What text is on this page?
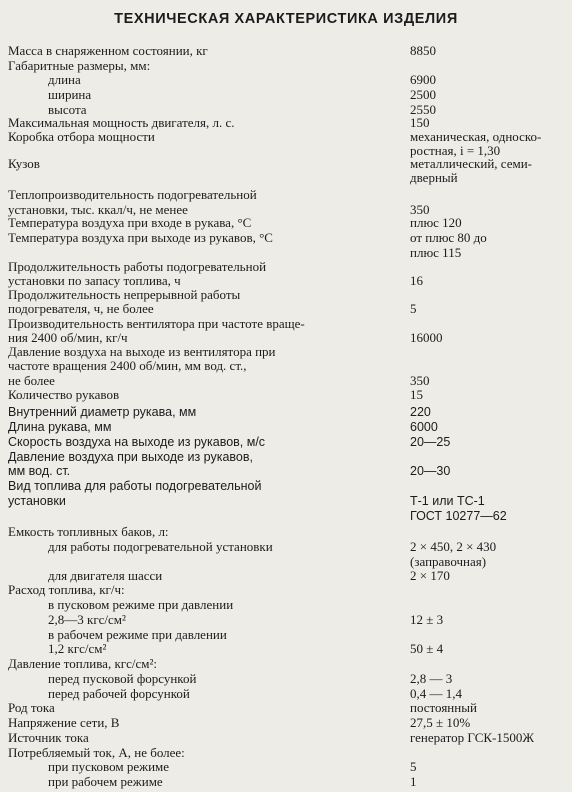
ТЕХНИЧЕСКАЯ ХАРАКТЕРИСТИКА ИЗДЕЛИЯ
Масса в снаряженном состоянии, кг	8850
Габаритные размеры, мм:
длина	6900
ширина	2500
высота	2550
Максимальная мощность двигателя, л. с.	150
Коробка отбора мощности	механическая, односко-
ростная, i = 1,30
Кузов	металлический, семи-
дверный
Теплопроизводительность подогревательной
установки, тыс. ккал/ч, не менее	350
Температура воздуха при входе в рукава, °С	плюс 120
Температура воздуха при выходе из рукавов, °С	от плюс 80 до
плюс 115
Продолжительность работы подогревательной
установки по запасу топлива, ч	16
Продолжительность непрерывной работы
подогревателя, ч, не более	5
Производительность вентилятора при частоте враще-
ния 2400 об/мин, кг/ч	16000
Давление воздуха на выходе из вентилятора при
частоте вращения 2400 об/мин, мм вод. ст.,
не более	350
Количество рукавов	15
Внутренний диаметр рукава, мм	220
Длина рукава, мм	6000
Скорость воздуха на выходе из рукавов, м/с	20—25
Давление воздуха при выходе из рукавов,
мм вод. ст.	20—30
Вид топлива для работы подогревательной
установки	Т-1 или ТС-1
ГОСТ 10277—62
Емкость топливных баков, л:
для работы подогревательной установки	2 × 450, 2 × 430
(заправочная)
для двигателя шасси	2 × 170
Расход топлива, кг/ч:
в пусковом режиме при давлении
2,8—3 кгс/см²	12 ± 3
в рабочем режиме при давлении
1,2 кгс/см²	50 ± 4
Давление топлива, кгс/см²:
перед пусковой форсункой	2,8 — 3
перед рабочей форсункой	0,4 — 1,4
Род тока	постоянный
Напряжение сети, В	27,5 ± 10%
Источник тока	генератор ГСК-1500Ж
Потребляемый ток, А, не более:
при пусковом режиме	5
при рабочем режиме	1
